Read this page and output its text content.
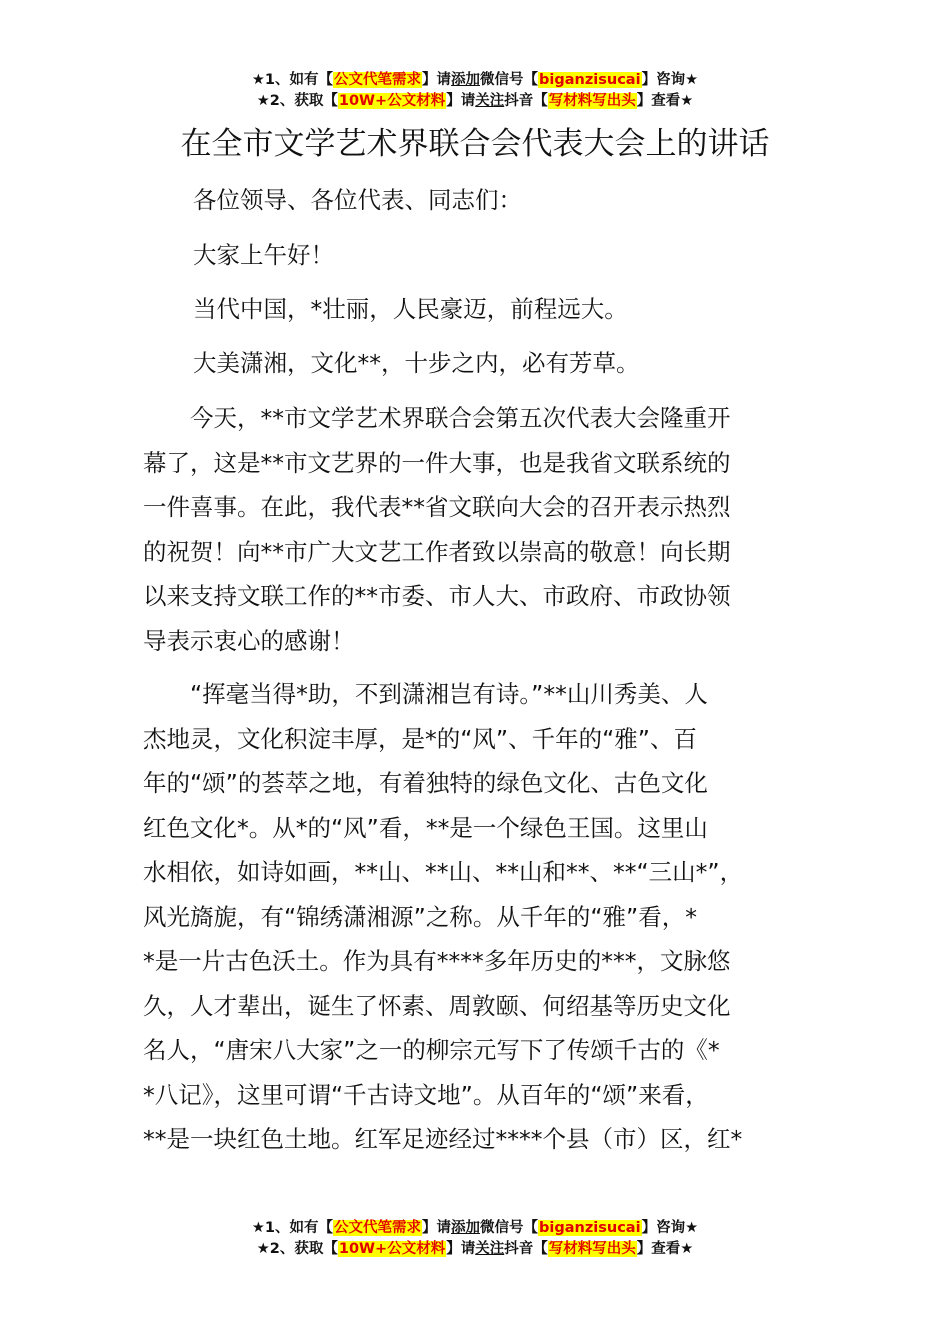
★1、如有【公文代笔需求】请添加微信号【biganzisucai】咨询★
★2、获取【10W+公文材料】请关注抖音【写材料写出头】查看★
在全市文学艺术界联合会代表大会上的讲话
各位领导、各位代表、同志们：
大家上午好！
当代中国，*壮丽，人民豪迈，前程远大。
大美潇湘，文化**，十步之内，必有芳草。
　　今天，**市文学艺术界联合会第五次代表大会隆重开
幕了，这是**市文艺界的一件大事，也是我省文联系统的
一件喜事。在此，我代表**省文联向大会的召开表示热烈
的祝贺！向**市广大文艺工作者致以崇高的敬意！向长期
以来支持文联工作的**市委、市人大、市政府、市政协领
导表示衷心的感谢！
　　“挥毫当得*助，不到潇湘岂有诗。”**山川秀美、人
杰地灵，文化积淀丰厚，是*的“风”、千年的“雅”、百
年的“颂”的荟萃之地，有着独特的绿色文化、古色文化
红色文化*。从*的“风”看，**是一个绿色王国。这里山
水相依，如诗如画，**山、**山、**山和**、**“三山*”，
风光旖旎，有“锦绣潇湘源”之称。从千年的“雅”看，*
*是一片古色沃土。作为具有****多年历史的***，文脉悠
久，人才辈出，诞生了怀素、周敦颐、何绍基等历史文化
名人，“唐宋八大家”之一的柳宗元写下了传颂千古的《*
*八记》，这里可谓“千古诗文地”。从百年的“颂”来看，
**是一块红色土地。红军足迹经过****个县（市）区，红*
★1、如有【公文代笔需求】请添加微信号【biganzisucai】咨询★
★2、获取【10W+公文材料】请关注抖音【写材料写出头】查看★
